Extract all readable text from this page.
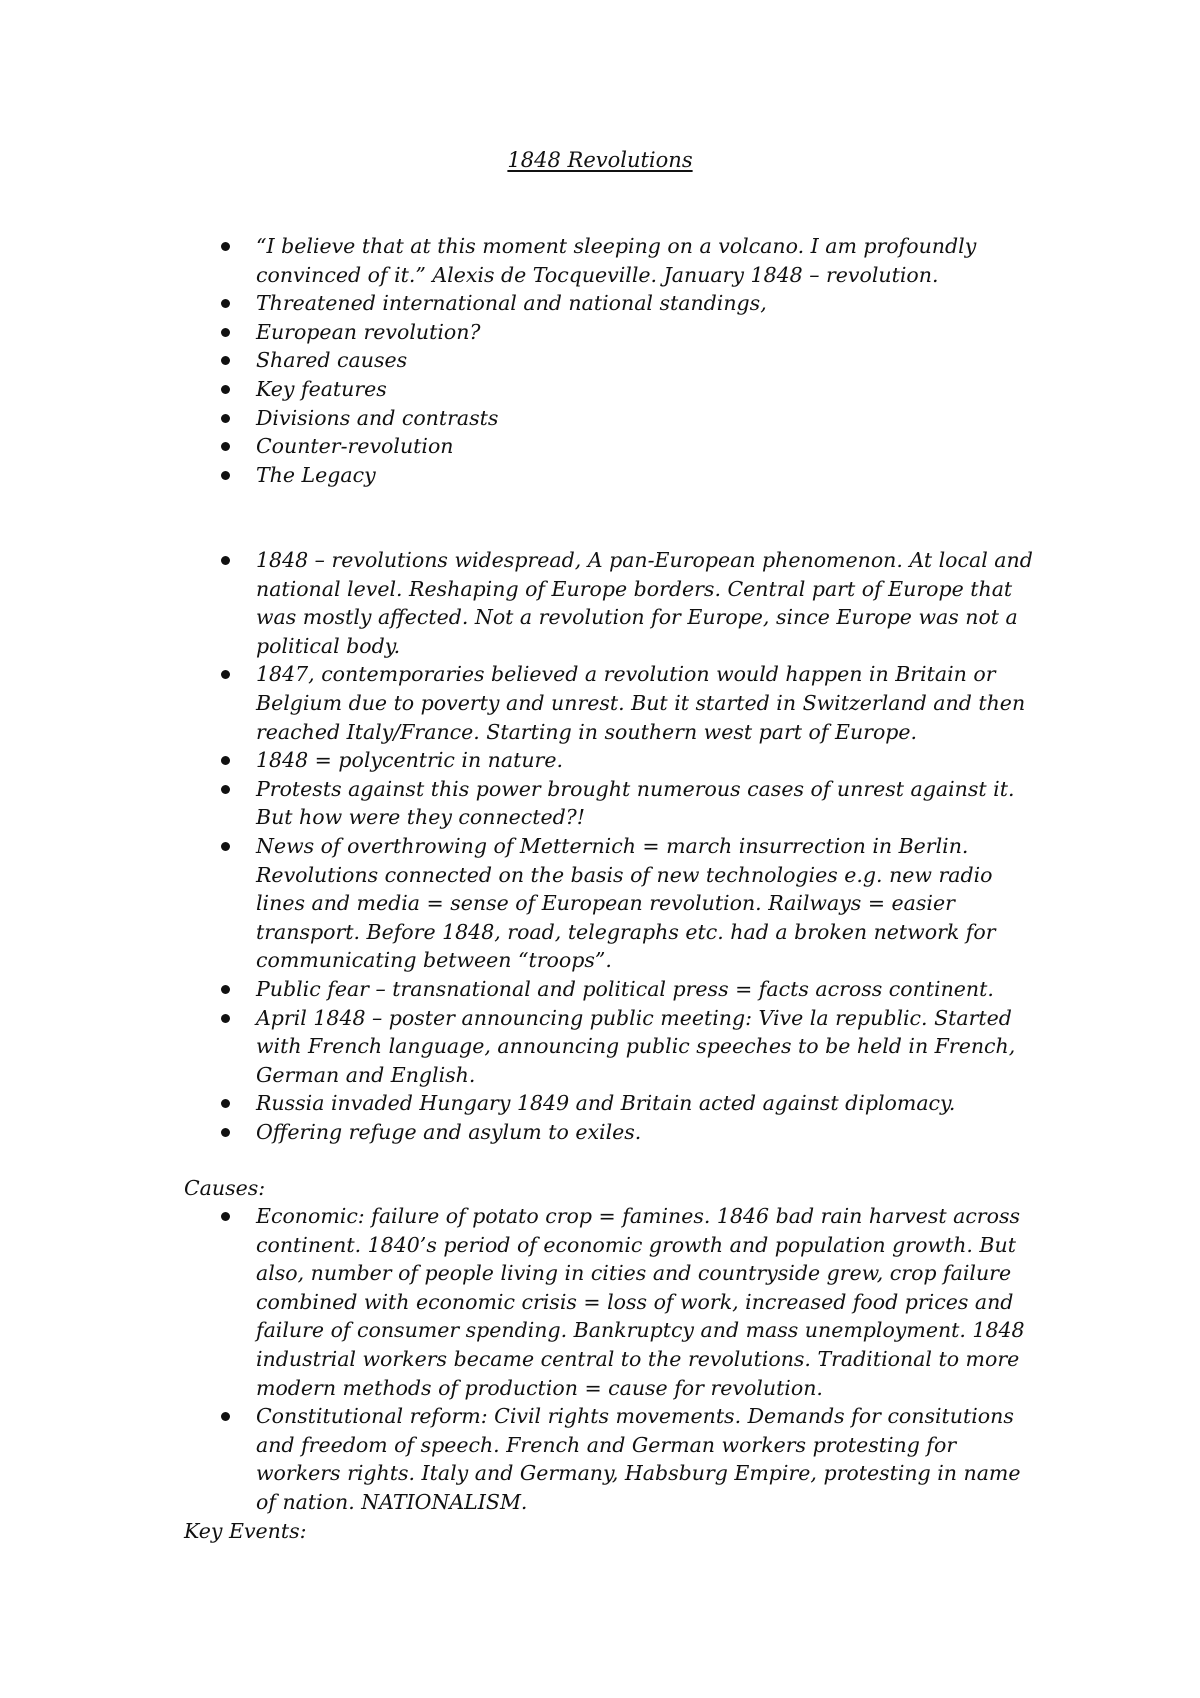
1848 Revolutions
“I believe that at this moment sleeping on a volcano. I am profoundly convinced of it.” Alexis de Tocqueville. January 1848 – revolution.
Threatened international and national standings,
European revolution?
Shared causes
Key features
Divisions and contrasts
Counter-revolution
The Legacy
1848 – revolutions widespread, A pan-European phenomenon. At local and national level. Reshaping of Europe borders. Central part of Europe that was mostly affected. Not a revolution for Europe, since Europe was not a political body.
1847, contemporaries believed a revolution would happen in Britain or Belgium due to poverty and unrest. But it started in Switzerland and then reached Italy/France. Starting in southern west part of Europe.
1848 = polycentric in nature.
Protests against this power brought numerous cases of unrest against it. But how were they connected?!
News of overthrowing of Metternich = march insurrection in Berlin. Revolutions connected on the basis of new technologies e.g. new radio lines and media = sense of European revolution. Railways = easier transport. Before 1848, road, telegraphs etc. had a broken network for communicating between “troops”.
Public fear – transnational and political press = facts across continent.
April 1848 – poster announcing public meeting: Vive la republic. Started with French language, announcing public speeches to be held in French, German and English.
Russia invaded Hungary 1849 and Britain acted against diplomacy.
Offering refuge and asylum to exiles.

Causes:

Economic: failure of potato crop = famines. 1846 bad rain harvest across continent. 1840’s period of economic growth and population growth. But also, number of people living in cities and countryside grew, crop failure combined with economic crisis = loss of work, increased food prices and failure of consumer spending. Bankruptcy and mass unemployment. 1848 industrial workers became central to the revolutions. Traditional to more modern methods of production = cause for revolution.
Constitutional reform: Civil rights movements. Demands for consitutions and freedom of speech. French and German workers protesting for workers rights. Italy and Germany, Habsburg Empire, protesting in name of nation. NATIONALISM.

Key Events:
